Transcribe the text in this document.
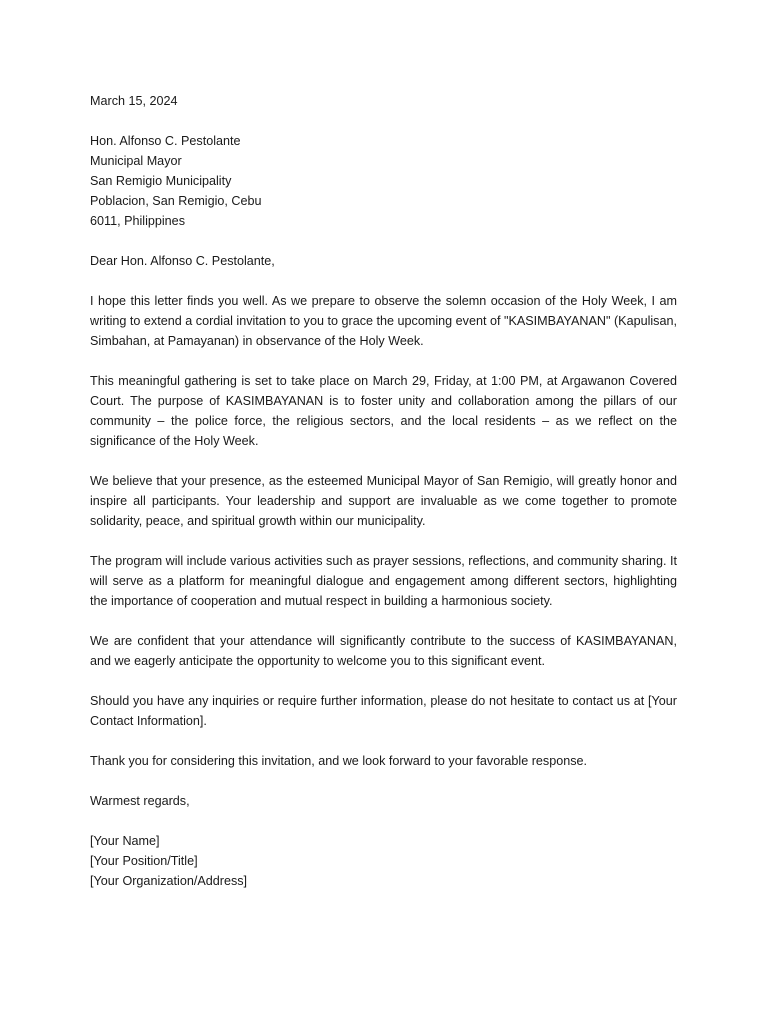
March 15, 2024
Hon. Alfonso C. Pestolante
Municipal Mayor
San Remigio Municipality
Poblacion, San Remigio, Cebu
6011, Philippines
Dear Hon. Alfonso C. Pestolante,

I hope this letter finds you well. As we prepare to observe the solemn occasion of the Holy Week, I am writing to extend a cordial invitation to you to grace the upcoming event of "KASIMBAYANAN" (Kapulisan, Simbahan, at Pamayanan) in observance of the Holy Week.

This meaningful gathering is set to take place on March 29, Friday, at 1:00 PM, at Argawanon Covered Court. The purpose of KASIMBAYANAN is to foster unity and collaboration among the pillars of our community – the police force, the religious sectors, and the local residents – as we reflect on the significance of the Holy Week.

We believe that your presence, as the esteemed Municipal Mayor of San Remigio, will greatly honor and inspire all participants. Your leadership and support are invaluable as we come together to promote solidarity, peace, and spiritual growth within our municipality.

The program will include various activities such as prayer sessions, reflections, and community sharing. It will serve as a platform for meaningful dialogue and engagement among different sectors, highlighting the importance of cooperation and mutual respect in building a harmonious society.

We are confident that your attendance will significantly contribute to the success of KASIMBAYANAN, and we eagerly anticipate the opportunity to welcome you to this significant event.

Should you have any inquiries or require further information, please do not hesitate to contact us at [Your Contact Information].

Thank you for considering this invitation, and we look forward to your favorable response.

Warmest regards,
[Your Name]
[Your Position/Title]
[Your Organization/Address]
